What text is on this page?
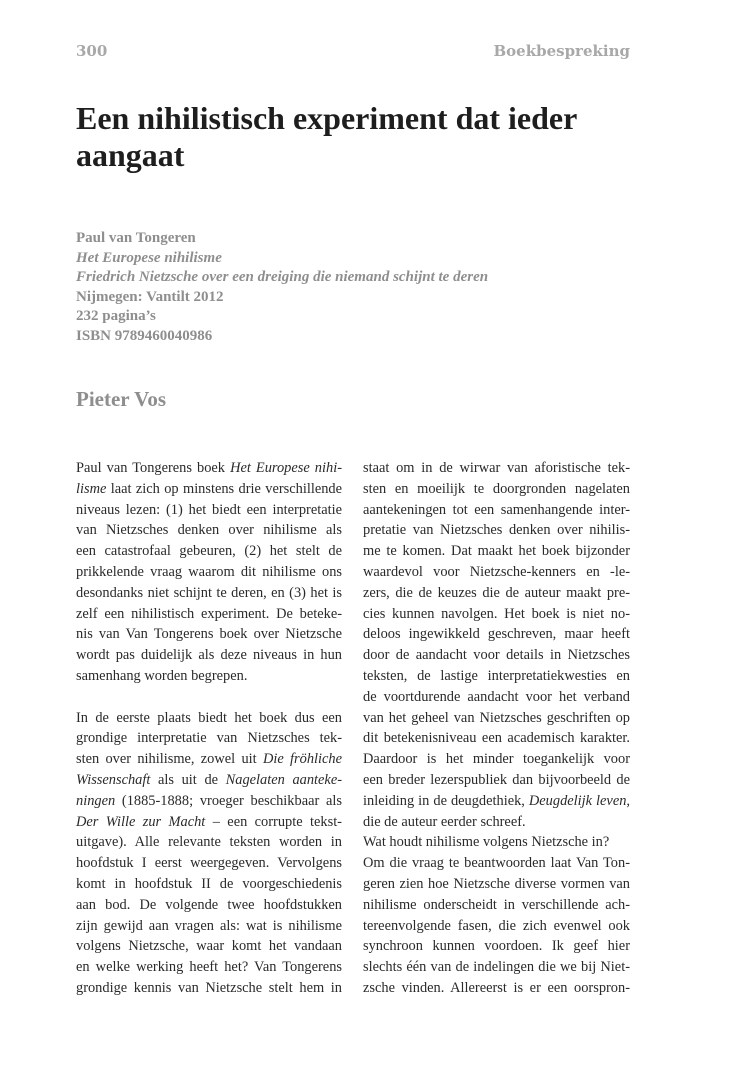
300	Boekbespreking
Een nihilistisch experiment dat ieder aangaat
Paul van Tongeren
Het Europese nihilisme
Friedrich Nietzsche over een dreiging die niemand schijnt te deren
Nijmegen: Vantilt 2012
232 pagina’s
ISBN 9789460040986
Pieter Vos
Paul van Tongerens boek Het Europese nihi-
lisme laat zich op minstens drie verschillende
niveaus lezen: (1) het biedt een interpretatie
van Nietzsches denken over nihilisme als
een catastrofaal gebeuren, (2) het stelt de
prikkelende vraag waarom dit nihilisme ons
desondanks niet schijnt te deren, en (3) het is
zelf een nihilistisch experiment. De beteke-
nis van Van Tongerens boek over Nietzsche
wordt pas duidelijk als deze niveaus in hun
samenhang worden begrepen.
In de eerste plaats biedt het boek dus een
grondige interpretatie van Nietzsches tek-
sten over nihilisme, zowel uit Die fröhliche
Wissenschaft als uit de Nagelaten aanteke-
ningen (1885-1888; vroeger beschikbaar als
Der Wille zur Macht – een corrupte tekst-
uitgave). Alle relevante teksten worden in
hoofdstuk I eerst weergegeven. Vervolgens
komt in hoofdstuk II de voorgeschiedenis
aan bod. De volgende twee hoofdstukken
zijn gewijd aan vragen als: wat is nihilisme
volgens Nietzsche, waar komt het vandaan
en welke werking heeft het? Van Tongerens
grondige kennis van Nietzsche stelt hem in
staat om in de wirwar van aforistische tek-
sten en moeilijk te doorgronden nagelaten
aantekeningen tot een samenhangende inter-
pretatie van Nietzsches denken over nihilis-
me te komen. Dat maakt het boek bijzonder
waardevol voor Nietzsche-kenners en -le-
zers, die de keuzes die de auteur maakt pre-
cies kunnen navolgen. Het boek is niet no-
deloos ingewikkeld geschreven, maar heeft
door de aandacht voor details in Nietzsches
teksten, de lastige interpretatiekwesties en
de voortdurende aandacht voor het verband
van het geheel van Nietzsches geschriften op
dit betekenisniveau een academisch karakter.
Daardoor is het minder toegankelijk voor
een breder lezerspubliek dan bijvoorbeeld de
inleiding in de deugdethiek, Deugdelijk leven,
die de auteur eerder schreef.
Wat houdt nihilisme volgens Nietzsche in?
Om die vraag te beantwoorden laat Van Ton-
geren zien hoe Nietzsche diverse vormen van
nihilisme onderscheidt in verschillende ach-
tereenvolgende fasen, die zich evenwel ook
synchroon kunnen voordoen. Ik geef hier
slechts één van de indelingen die we bij Niet-
zsche vinden. Allereerst is er een oorspron-
